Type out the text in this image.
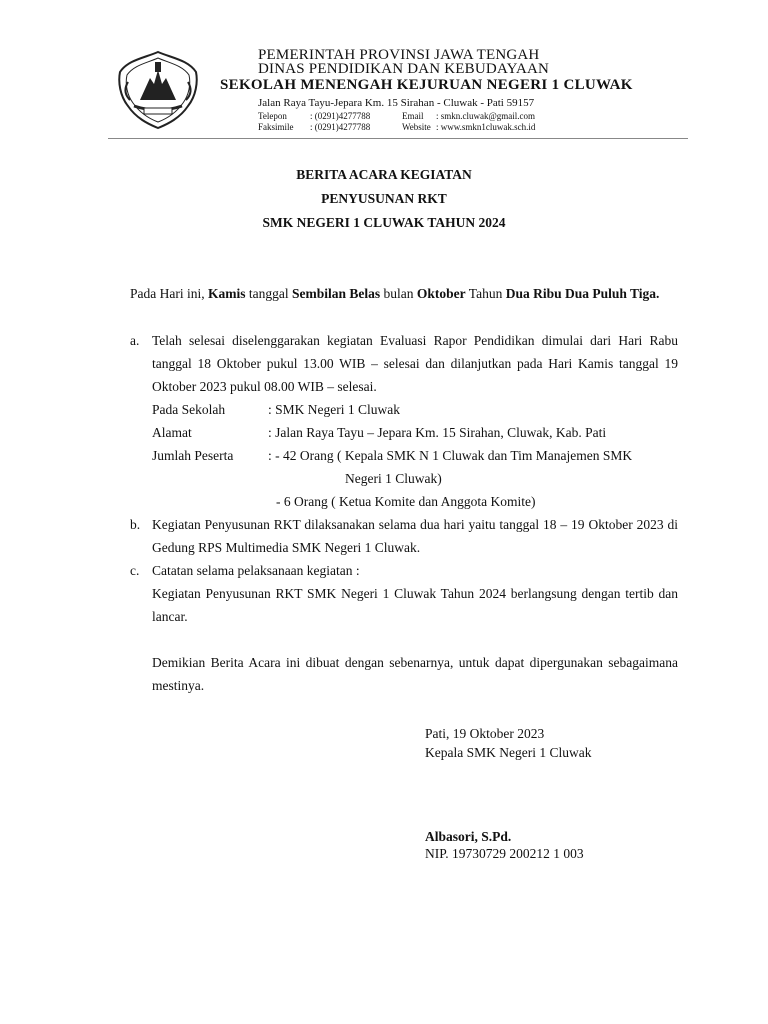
PEMERINTAH PROVINSI JAWA TENGAH
DINAS PENDIDIKAN DAN KEBUDAYAAN
SEKOLAH MENENGAH KEJURUAN NEGERI 1 CLUWAK
Jalan Raya Tayu-Jepara Km. 15 Sirahan - Cluwak - Pati 59157
Telepon	: (0291)4277788
Faksimile : (0291)4277788
Email : smkn.cluwak@gmail.com
Website : www.smkn1cluwak.sch.id
BERITA ACARA KEGIATAN
PENYUSUNAN RKT
SMK NEGERI 1 CLUWAK TAHUN 2024
Pada Hari ini, Kamis tanggal Sembilan Belas bulan Oktober Tahun Dua Ribu Dua Puluh Tiga.
a. Telah selesai diselenggarakan kegiatan Evaluasi Rapor Pendidikan dimulai dari Hari Rabu tanggal 18 Oktober pukul 13.00 WIB – selesai dan dilanjutkan pada Hari Kamis tanggal 19 Oktober 2023 pukul 08.00 WIB – selesai.
Pada Sekolah	: SMK Negeri 1 Cluwak
Alamat	: Jalan Raya Tayu – Jepara Km. 15 Sirahan, Cluwak, Kab. Pati
Jumlah Peserta	: - 42 Orang ( Kepala SMK N 1 Cluwak dan Tim Manajemen SMK
Negeri 1 Cluwak)
- 6 Orang ( Ketua Komite dan Anggota Komite)
b. Kegiatan Penyusunan RKT dilaksanakan selama dua hari yaitu tanggal 18 – 19 Oktober 2023 di Gedung RPS Multimedia SMK Negeri 1 Cluwak.
c. Catatan selama pelaksanaan kegiatan :
Kegiatan Penyusunan RKT SMK Negeri 1 Cluwak Tahun 2024 berlangsung dengan tertib dan lancar.
Demikian Berita Acara ini dibuat dengan sebenarnya, untuk dapat dipergunakan sebagaimana mestinya.
Pati, 19 Oktober 2023
Kepala SMK Negeri 1 Cluwak
Albasori, S.Pd.
NIP. 19730729 200212 1 003
